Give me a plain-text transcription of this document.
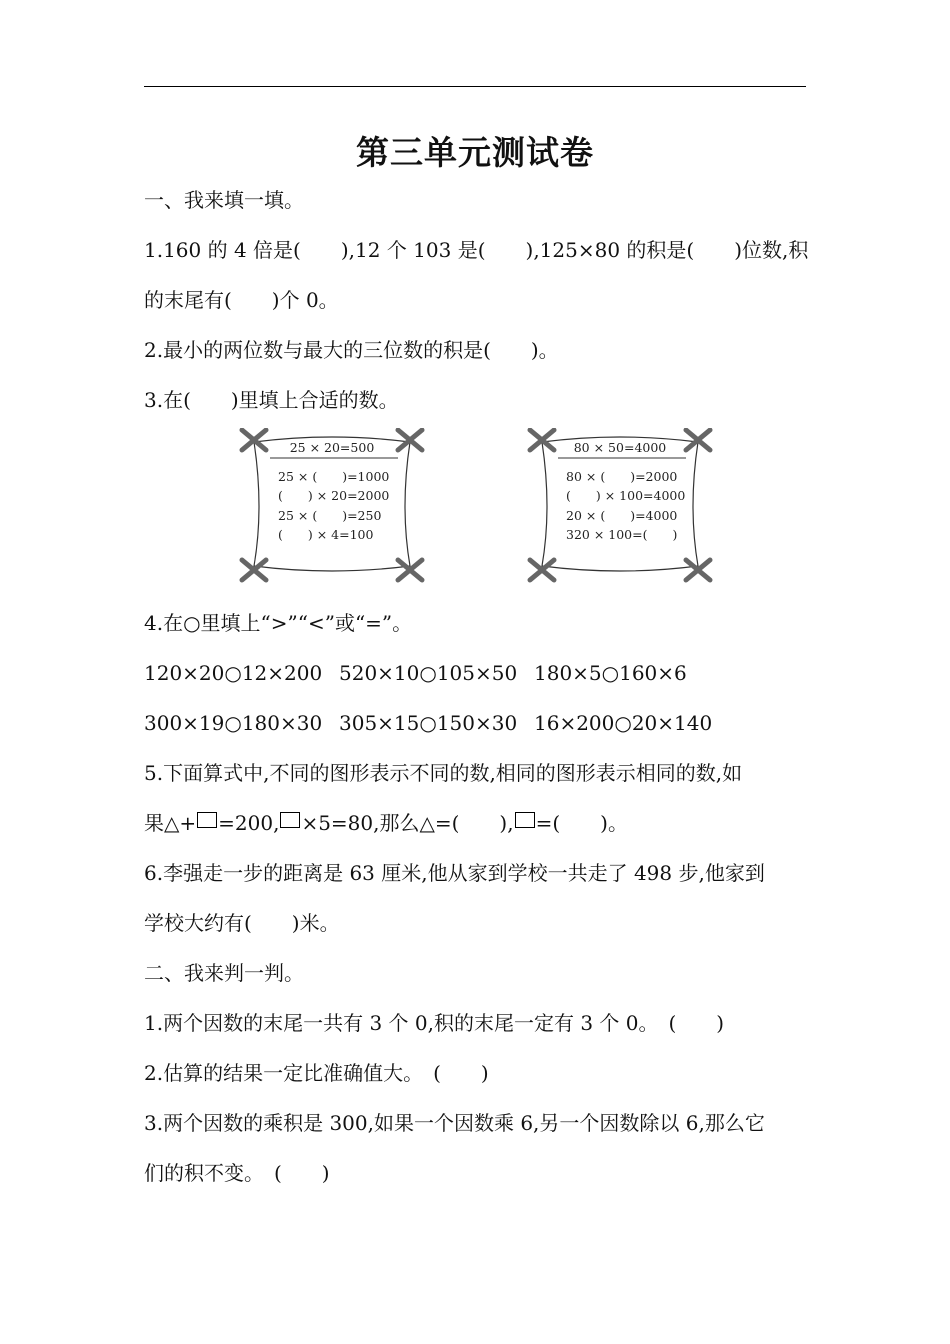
第三单元测试卷
一、我来填一填。
1.160 的 4 倍是(　　),12 个 103 是(　　),125×80 的积是(　　)位数,积
的末尾有(　　)个 0。
2.最小的两位数与最大的三位数的积是(　　)。
3.在(　　)里填上合适的数。
25 × 20=500
25 × (　　)=1000
(　　) × 20=2000
25 × (　　)=250
(　　) × 4=100
80 × 50=4000
80 × (　　)=2000
(　　) × 100=4000
20 × (　　)=4000
320 × 100=(　　)
4.在○里填上“>”“<”或“=”。

120×20○12×200

520×10○105×50

180×5○160×6

300×19○180×30

305×15○150×30

16×200○20×140

5.下面算式中,不同的图形表示不同的数,相同的图形表示相同的数,如
果△+ =200, ×5=80,那么△=(　　), =(　　)。
6.李强走一步的距离是 63 厘米,他从家到学校一共走了 498 步,他家到
学校大约有(　　)米。
二、我来判一判。
1.两个因数的末尾一共有 3 个 0,积的末尾一定有 3 个 0。　(　　)
2.估算的结果一定比准确值大。　(　　)
3.两个因数的乘积是 300,如果一个因数乘 6,另一个因数除以 6,那么它
们的积不变。　(　　)
